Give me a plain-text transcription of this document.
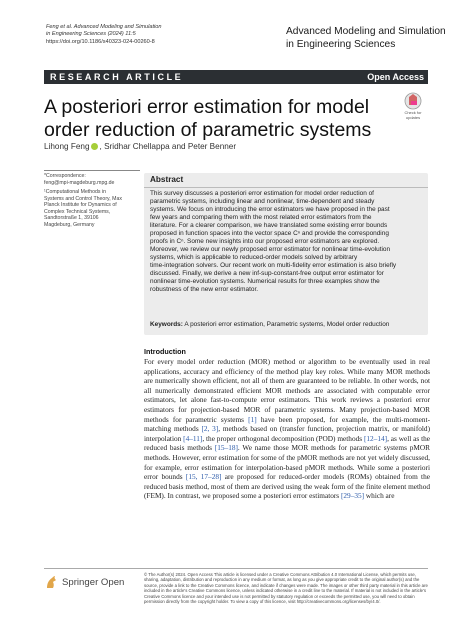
Feng et al. Advanced Modeling and Simulation
in Engineering Sciences (2024) 11:5
https://doi.org/10.1186/s40323-024-00260-8
Advanced Modeling and Simulation
in Engineering Sciences
RESEARCH ARTICLE	Open Access
A posteriori error estimation for model
order reduction of parametric systems
Check for
updates
Lihong Feng , Sridhar Chellappa and Peter Benner
*Correspondence:
feng@mpi-magdeburg.mpg.de
¹Computational Methods in
Systems and Control Theory, Max
Planck Institute for Dynamics of
Complex Technical Systems,
Sandtorstraße 1, 39106
Magdeburg, Germany
Abstract
This survey discusses a posteriori error estimation for model order reduction of
parametric systems, including linear and nonlinear, time-dependent and steady
systems. We focus on introducing the error estimators we have proposed in the past
few years and comparing them with the most related error estimators from the
literature. For a clearer comparison, we have translated some existing error bounds
proposed in function spaces into the vector space Cⁿ and provide the corresponding
proofs in Cⁿ. Some new insights into our proposed error estimators are explored.
Moreover, we review our newly proposed error estimator for nonlinear time-evolution
systems, which is applicable to reduced-order models solved by arbitrary
time-integration solvers. Our recent work on multi-fidelity error estimation is also briefly
discussed. Finally, we derive a new inf-sup-constant-free output error estimator for
nonlinear time-evolution systems. Numerical results for three examples show the
robustness of the new error estimator.
Keywords: A posteriori error estimation, Parametric systems, Model order reduction
Introduction
For every model order reduction (MOR) method or algorithm to be eventually used in real applications, accuracy and efficiency of the method play key roles. While many MOR methods are numerically shown efficient, not all of them are guaranteed to be reliable. In other words, not all numerically demonstrated efficient MOR methods are associated with computable error estimators, let alone fast-to-compute error estimators. This work reviews a posteriori error estimators for projection-based MOR of parametric systems. Many projection-based MOR methods for parametric systems [1] have been proposed, for example, the multi-moment-matching methods [2, 3], methods based on (transfer function, projection matrix, or manifold) interpolation [4–11], the proper orthogonal decomposition (POD) methods [12–14], as well as the reduced basis methods [15–18]. We name those MOR methods for parametric systems pMOR methods. However, error estimation for some of the pMOR methods are not yet widely discussed, for example, error estimation for interpolation-based pMOR methods. While some a posteriori error bounds [15, 17–28] are proposed for reduced-order models (ROMs) obtained from the reduced basis method, most of them are derived using the weak form of the finite element method (FEM). In contrast, we proposed some a posteriori error estimators [29–35] which are
Springer Open
© The Author(s) 2024. Open Access This article is licensed under a Creative Commons Attribution 4.0 International License, which permits use, sharing, adaptation, distribution and reproduction in any medium or format, as long as you give appropriate credit to the original author(s) and the source, provide a link to the Creative Commons licence, and indicate if changes were made. The images or other third party material in this article are included in the article's Creative Commons licence, unless indicated otherwise in a credit line to the material. If material is not included in the article's Creative Commons licence and your intended use is not permitted by statutory regulation or exceeds the permitted use, you will need to obtain permission directly from the copyright holder. To view a copy of this licence, visit http://creativecommons.org/licenses/by/4.0/.
